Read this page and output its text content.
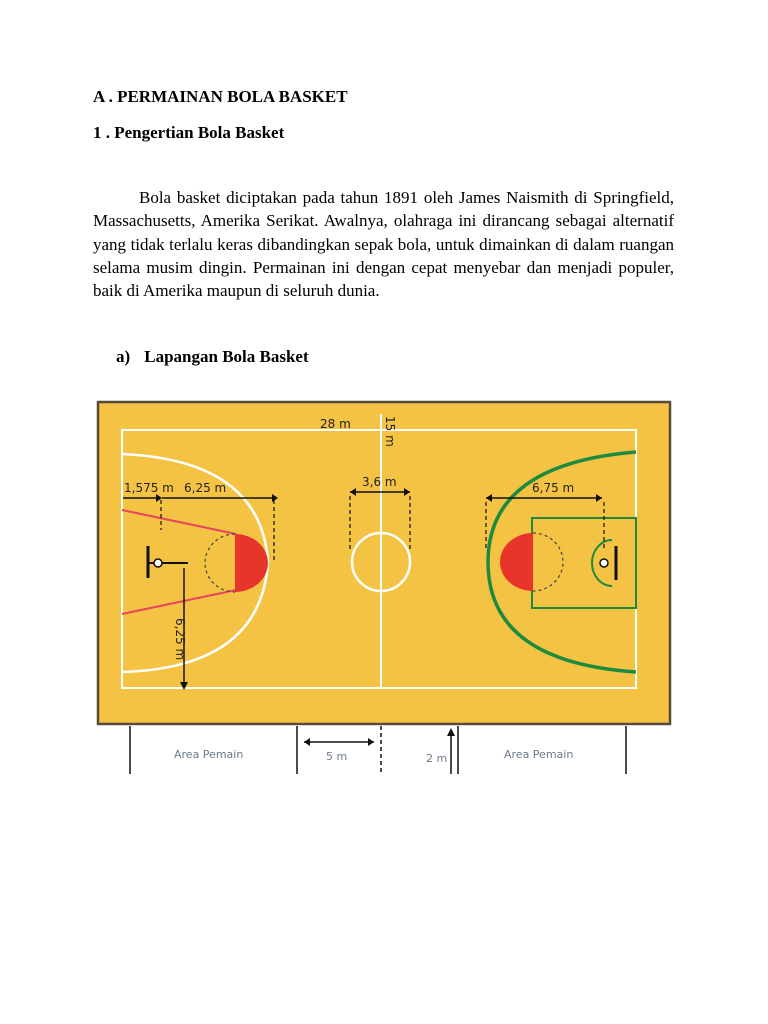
A . PERMAINAN BOLA BASKET
1 . Pengertian Bola Basket

Bola basket diciptakan pada tahun 1891 oleh James Naismith di Springfield, Massachusetts, Amerika Serikat. Awalnya, olahraga ini dirancang sebagai alternatif yang tidak terlalu keras dibandingkan sepak bola, untuk dimainkan di dalam ruangan selama musim dingin. Permainan ini dengan cepat menyebar dan menjadi populer, baik di Amerika maupun di seluruh dunia.

a) Lapangan Bola Basket
1,575 m 6,25 m
6,25 m
28 m	15 m
3,6 m	6,75 m
Area Pemain	Area Pemain
5 m	2 m
